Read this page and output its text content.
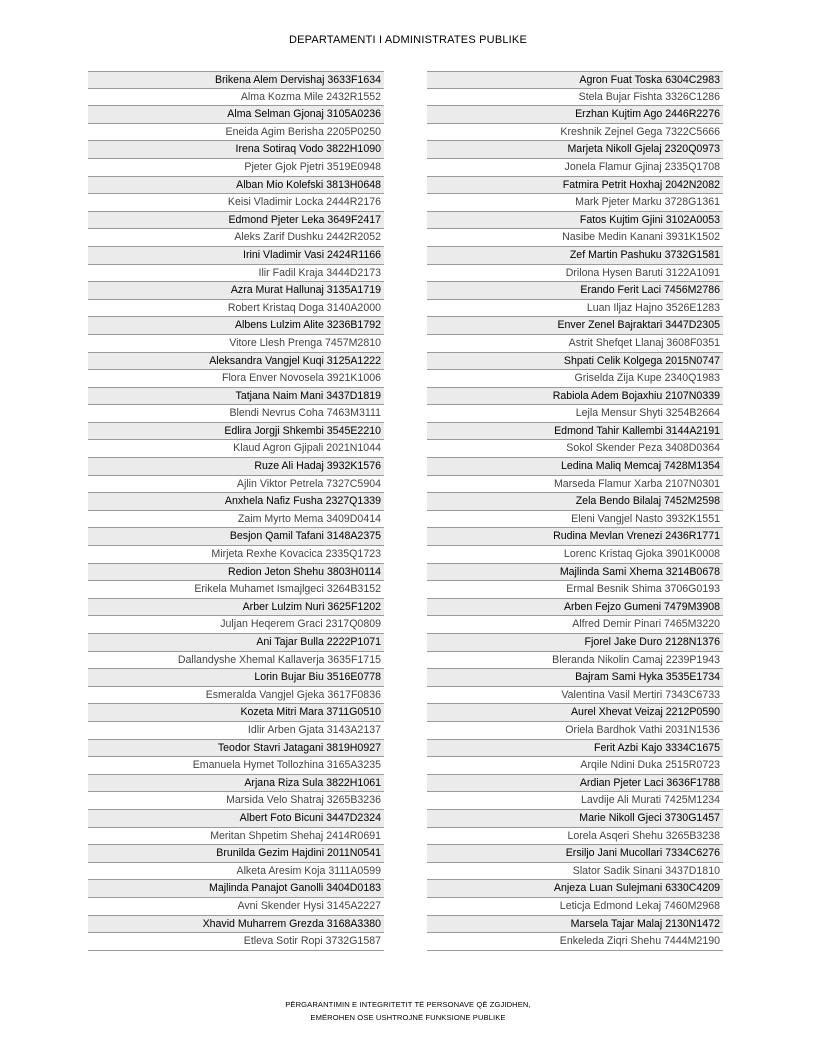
DEPARTAMENTI I ADMINISTRATES PUBLIKE
Brikena Alem Dervishaj 3633F1634
Alma Kozma Mile 2432R1552
Alma Selman Gjonaj 3105A0236
Eneida Agim Berisha 2205P0250
Irena Sotiraq Vodo 3822H1090
Pjeter Gjok Pjetri 3519E0948
Alban Mio Kolefski 3813H0648
Keisi Vladimir Locka 2444R2176
Edmond Pjeter Leka 3649F2417
Aleks Zarif Dushku 2442R2052
Irini Vladimir Vasi 2424R1166
Ilir Fadil Kraja 3444D2173
Azra Murat Hallunaj 3135A1719
Robert Kristaq Doga 3140A2000
Albens Lulzim Alite 3236B1792
Vitore Llesh Prenga 7457M2810
Aleksandra Vangjel Kuqi 3125A1222
Flora Enver Novosela 3921K1006
Tatjana Naim Mani 3437D1819
Blendi Nevrus Coha 7463M3111
Edlira Jorgji Shkembi 3545E2210
Klaud Agron Gjipali 2021N1044
Ruze Ali Hadaj 3932K1576
Ajlin Viktor Petrela 7327C5904
Anxhela Nafiz Fusha 2327Q1339
Zaim Myrto Mema 3409D0414
Besjon Qamil Tafani 3148A2375
Mirjeta Rexhe Kovacica 2335Q1723
Redion Jeton Shehu 3803H0114
Erikela Muhamet Ismajlgeci 3264B3152
Arber Lulzim Nuri 3625F1202
Juljan Heqerem Graci 2317Q0809
Ani Tajar Bulla 2222P1071
Dallandyshe Xhemal Kallaverja 3635F1715
Lorin Bujar Biu 3516E0778
Esmeralda Vangjel Gjeka 3617F0836
Kozeta Mitri Mara 3711G0510
Idlir Arben Gjata 3143A2137
Teodor Stavri Jatagani 3819H0927
Emanuela Hymet Tollozhina 3165A3235
Arjana Riza Sula 3822H1061
Marsida Velo Shatraj 3265B3236
Albert Foto Bicuni 3447D2324
Meritan Shpetim Shehaj 2414R0691
Brunilda Gezim Hajdini 2011N0541
Alketa Aresim Koja 3111A0599
Majlinda Panajot Ganolli 3404D0183
Avni Skender Hysi 3145A2227
Xhavid Muharrem Grezda 3168A3380
Etleva Sotir Ropi 3732G1587
Agron Fuat Toska 6304C2983
Stela Bujar Fishta 3326C1286
Erzhan Kujtim Ago 2446R2276
Kreshnik Zejnel Gega 7322C5666
Marjeta Nikoll Gjelaj 2320Q0973
Jonela Flamur Gjinaj 2335Q1708
Fatmira Petrit Hoxhaj 2042N2082
Mark Pjeter Marku 3728G1361
Fatos Kujtim Gjini 3102A0053
Nasibe Medin Kanani 3931K1502
Zef Martin Pashuku 3732G1581
Drilona Hysen Baruti 3122A1091
Erando Ferit Laci 7456M2786
Luan Iljaz Hajno 3526E1283
Enver Zenel Bajraktari 3447D2305
Astrit Shefqet Llanaj 3608F0351
Shpati Celik Kolgega 2015N0747
Griselda Zija Kupe 2340Q1983
Rabiola Adem Bojaxhiu 2107N0339
Lejla Mensur Shyti 3254B2664
Edmond Tahir Kallembi 3144A2191
Sokol Skender Peza 3408D0364
Ledina Maliq Memcaj 7428M1354
Marseda Flamur Xarba 2107N0301
Zela Bendo Bilalaj 7452M2598
Eleni Vangjel Nasto 3932K1551
Rudina Mevlan Vrenezi 2436R1771
Lorenc Kristaq Gjoka 3901K0008
Majlinda Sami Xhema 3214B0678
Ermal Besnik Shima 3706G0193
Arben Fejzo Gumeni 7479M3908
Alfred Demir Pinari 7465M3220
Fjorel Jake Duro 2128N1376
Bleranda Nikolin Camaj 2239P1943
Bajram Sami Hyka 3535E1734
Valentina Vasil Mertiri 7343C6733
Aurel Xhevat Veizaj 2212P0590
Oriela Bardhok Vathi 2031N1536
Ferit Azbi Kajo 3334C1675
Arqile Ndini Duka 2515R0723
Ardian Pjeter Laci 3636F1788
Lavdije Ali Murati 7425M1234
Marie Nikoll Gjeci 3730G1457
Lorela Asqeri Shehu 3265B3238
Ersiljo Jani Mucollari 7334C6276
Slator Sadik Sinani 3437D1810
Anjeza Luan Sulejmani 6330C4209
Leticja Edmond Lekaj 7460M2968
Marsela Tajar Malaj 2130N1472
Enkeleda Ziqri Shehu 7444M2190
PËRGARANTIMIN E INTEGRITETIT TË PERSONAVE QË ZGJIDHEN,
EMËROHEN OSE USHTROJNË FUNKSIONE PUBLIKE
